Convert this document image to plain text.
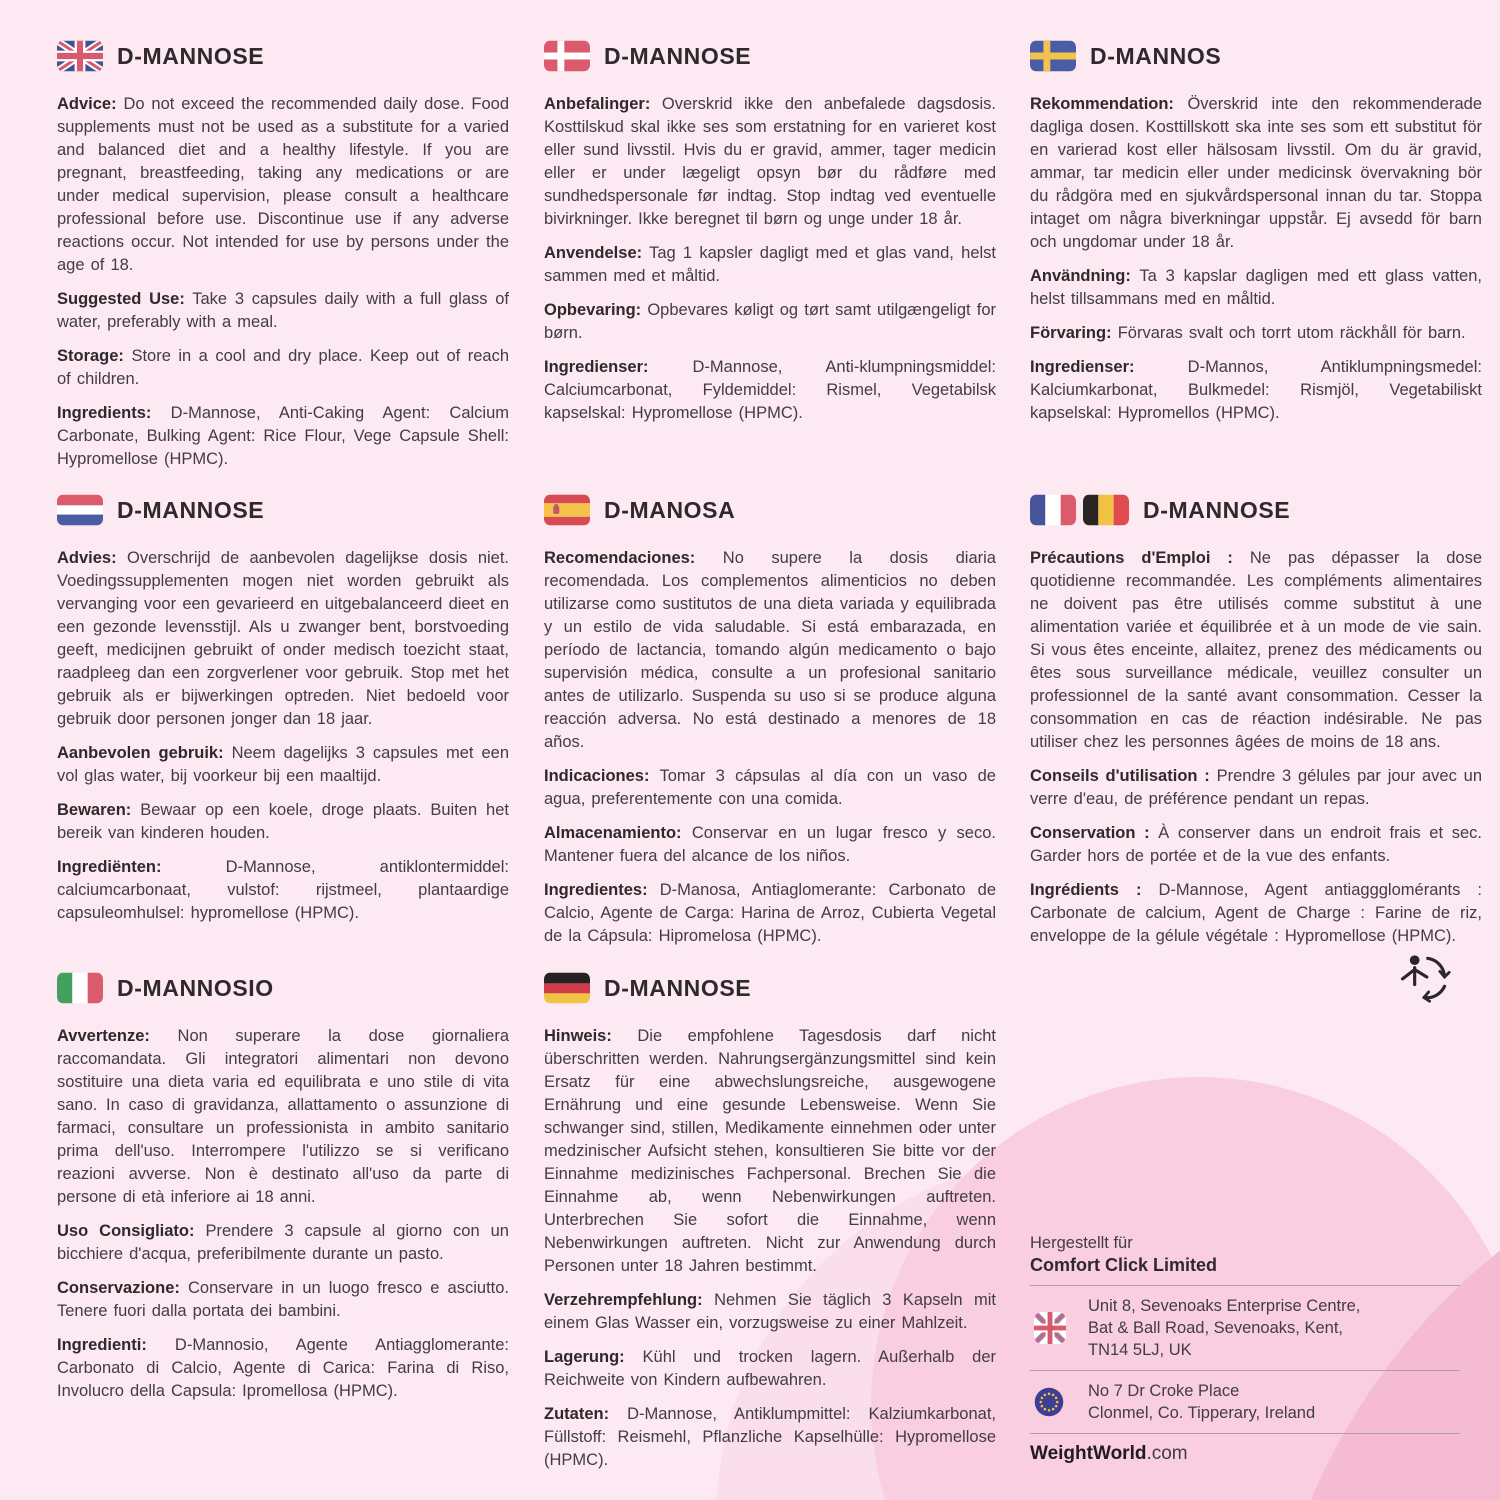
D-MANNOSE

Advice: Do not exceed the recommended daily dose. Food supplements must not be used as a substitute for a varied and balanced diet and a healthy lifestyle. If you are pregnant, breastfeeding, taking any medications or are under medical supervision, please consult a healthcare professional before use. Discontinue use if any adverse reactions occur. Not intended for use by persons under the age of 18.

Suggested Use: Take 3 capsules daily with a full glass of water, preferably with a meal.

Storage: Store in a cool and dry place. Keep out of reach of children.

Ingredients: D-Mannose, Anti-Caking Agent: Calcium Carbonate, Bulking Agent: Rice Flour, Vege Capsule Shell: Hypromellose (HPMC).

D-MANNOSE

Advies: Overschrijd de aanbevolen dagelijkse dosis niet. Voedingssupplementen mogen niet worden gebruikt als vervanging voor een gevarieerd en uitgebalanceerd dieet en een gezonde levensstijl. Als u zwanger bent, borstvoeding geeft, medicijnen gebruikt of onder medisch toezicht staat, raadpleeg dan een zorgverlener voor gebruik. Stop met het gebruik als er bijwerkingen optreden. Niet bedoeld voor gebruik door personen jonger dan 18 jaar.

Aanbevolen gebruik: Neem dagelijks 3 capsules met een vol glas water, bij voorkeur bij een maaltijd.

Bewaren: Bewaar op een koele, droge plaats. Buiten het bereik van kinderen houden.

Ingrediënten:	D-Mannose, antiklontermiddel: calciumcarbonaat, vulstof: rijstmeel, plantaardige capsuleomhulsel: hypromellose (HPMC).

D-MANNOSIO

Avvertenze: Non superare la dose giornaliera raccomandata. Gli integratori alimentari non devono sostituire una dieta varia ed equilibrata e uno stile di vita sano. In caso di gravidanza, allattamento o assunzione di farmaci, consultare un professionista in ambito sanitario prima dell'uso. Interrompere l'utilizzo se si verificano reazioni avverse. Non è destinato all'uso da parte di persone di età inferiore ai 18 anni.

Uso Consigliato: Prendere 3 capsule al giorno con un bicchiere d'acqua, preferibilmente durante un pasto.

Conservazione: Conservare in un luogo fresco e asciutto. Tenere fuori dalla portata dei bambini.

Ingredienti: D-Mannosio, Agente Antiagglomerante: Carbonato di Calcio, Agente di Carica: Farina di Riso, Involucro della Capsula: Ipromellosa (HPMC).

D-MANNOSE

Anbefalinger: Overskrid ikke den anbefalede dagsdosis. Kosttilskud skal ikke ses som erstatning for en varieret kost eller sund livsstil. Hvis du er gravid, ammer, tager medicin eller er under lægeligt opsyn bør du rådføre med sundhedspersonale før indtag. Stop indtag ved eventuelle bivirkninger. Ikke beregnet til børn og unge under 18 år.

Anvendelse: Tag 1 kapsler dagligt med et glas vand, helst sammen med et måltid.

Opbevaring: Opbevares køligt og tørt samt utilgængeligt for børn.

Ingredienser:	D-Mannose, Anti-klumpningsmiddel: Calciumcarbonat, Fyldemiddel: Rismel, Vegetabilsk kapselskal: Hypromellose (HPMC).

D-MANOSA

Recomendaciones: No supere la dosis diaria recomendada. Los complementos alimenticios no deben utilizarse como sustitutos de una dieta variada y equilibrada y un estilo de vida saludable. Si está embarazada, en período de lactancia, tomando algún medicamento o bajo supervisión médica, consulte a un profesional sanitario antes de utilizarlo. Suspenda su uso si se produce alguna reacción adversa. No está destinado a menores de 18 años.

Indicaciones: Tomar 3 cápsulas al día con un vaso de agua, preferentemente con una comida.

Almacenamiento: Conservar en un lugar fresco y seco. Mantener fuera del alcance de los niños.

Ingredientes: D-Manosa, Antiaglomerante: Carbonato de Calcio, Agente de Carga: Harina de Arroz, Cubierta Vegetal de la Cápsula: Hipromelosa (HPMC).

D-MANNOSE

Hinweis: Die empfohlene Tagesdosis darf nicht überschritten werden. Nahrungsergänzungsmittel sind kein Ersatz für eine abwechslungsreiche, ausgewogene Ernährung und eine gesunde Lebensweise. Wenn Sie schwanger sind, stillen, Medikamente einnehmen oder unter medzinischer Aufsicht stehen, konsultieren Sie bitte vor der Einnahme medizinisches Fachpersonal. Brechen Sie die Einnahme ab, wenn Nebenwirkungen auftreten. Unterbrechen Sie sofort die Einnahme, wenn Nebenwirkungen auftreten. Nicht zur Anwendung durch Personen unter 18 Jahren bestimmt.

Verzehrempfehlung: Nehmen Sie täglich 3 Kapseln mit einem Glas Wasser ein, vorzugsweise zu einer Mahlzeit.

Lagerung: Kühl und trocken lagern. Außerhalb der Reichweite von Kindern aufbewahren.

Zutaten: D-Mannose, Antiklumpmittel: Kalziumkarbonat, Füllstoff: Reismehl, Pflanzliche Kapselhülle: Hypromellose (HPMC).

D-MANNOS

Rekommendation: Överskrid inte den rekommenderade dagliga dosen. Kosttillskott ska inte ses som ett substitut för en varierad kost eller hälsosam livsstil. Om du är gravid, ammar, tar medicin eller under medicinsk övervakning bör du rådgöra med en sjukvårdspersonal innan du tar. Stoppa intaget om några biverkningar uppstår. Ej avsedd för barn och ungdomar under 18 år.

Användning: Ta 3 kapslar dagligen med ett glass vatten, helst tillsammans med en måltid.

Förvaring: Förvaras svalt och torrt utom räckhåll för barn.

Ingredienser:	D-Mannos, Antiklumpningsmedel: Kalciumkarbonat, Bulkmedel: Rismjöl, Vegetabiliskt kapselskal: Hypromellos (HPMC).

D-MANNOSE

Précautions d'Emploi : Ne pas dépasser la dose quotidienne recommandée. Les compléments alimentaires ne doivent pas être utilisés comme substitut à une alimentation variée et équilibrée et à un mode de vie sain. Si vous êtes enceinte, allaitez, prenez des médicaments ou êtes sous surveillance médicale, veuillez consulter un professionnel de la santé avant consommation. Cesser la consommation en cas de réaction indésirable. Ne pas utiliser chez les personnes âgées de moins de 18 ans.

Conseils d'utilisation : Prendre 3 gélules par jour avec un verre d'eau, de préférence pendant un repas.

Conservation : À conserver dans un endroit frais et sec. Garder hors de portée et de la vue des enfants.

Ingrédients : D-Mannose, Agent antiaggglomérants : Carbonate de calcium, Agent de Charge : Farine de riz, enveloppe de la gélule végétale : Hypromellose (HPMC).

Hergestellt für

Comfort Click Limited

Unit 8, Sevenoaks Enterprise Centre,
Bat & Ball Road, Sevenoaks, Kent,
TN14 5LJ, UK
No 7 Dr Croke Place
Clonmel, Co. Tipperary, Ireland

WeightWorld.com
